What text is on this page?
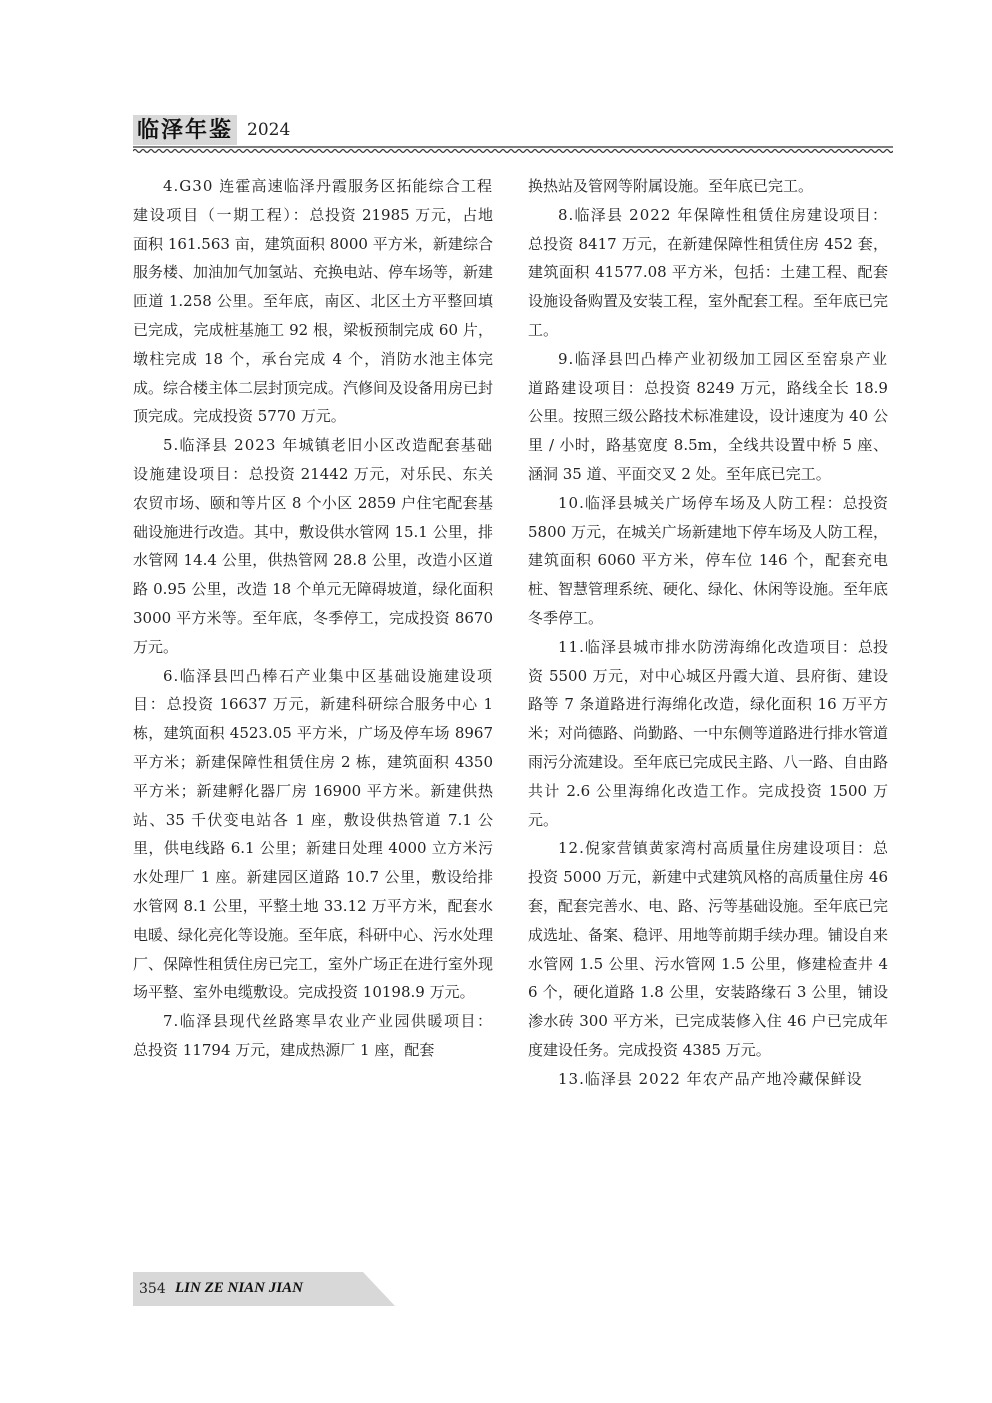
临泽年鉴 2024

4.G30 连霍高速临泽丹霞服务区拓能综合工程建设项目（一期工程）：总投资 21985 万元，占地面积 161.563 亩，建筑面积 8000 平方米，新建综合服务楼、加油加气加氢站、充换电站、停车场等，新建匝道 1.258 公里。至年底，南区、北区土方平整回填已完成，完成桩基施工 92 根，梁板预制完成 60 片，墩柱完成 18 个，承台完成 4 个，消防水池主体完成。综合楼主体二层封顶完成。汽修间及设备用房已封顶完成。完成投资 5770 万元。

5.临泽县 2023 年城镇老旧小区改造配套基础设施建设项目：总投资 21442 万元，对乐民、东关农贸市场、颐和等片区 8 个小区 2859 户住宅配套基础设施进行改造。其中，敷设供水管网 15.1 公里，排水管网 14.4 公里，供热管网 28.8 公里，改造小区道路 0.95 公里，改造 18 个单元无障碍坡道，绿化面积 3000 平方米等。至年底，冬季停工，完成投资 8670 万元。

6.临泽县凹凸棒石产业集中区基础设施建设项目：总投资 16637 万元，新建科研综合服务中心 1 栋，建筑面积 4523.05 平方米，广场及停车场 8967 平方米；新建保障性租赁住房 2 栋，建筑面积 4350 平方米；新建孵化器厂房 16900 平方米。新建供热站、35 千伏变电站各 1 座，敷设供热管道 7.1 公里，供电线路 6.1 公里；新建日处理 4000 立方米污水处理厂 1 座。新建园区道路 10.7 公里，敷设给排水管网 8.1 公里，平整土地 33.12 万平方米，配套水电暖、绿化亮化等设施。至年底，科研中心、污水处理厂、保障性租赁住房已完工，室外广场正在进行室外现场平整、室外电缆敷设。完成投资 10198.9 万元。

7.临泽县现代丝路寒旱农业产业园供暖项目：总投资 11794 万元，建成热源厂 1 座，配套

换热站及管网等附属设施。至年底已完工。

8.临泽县 2022 年保障性租赁住房建设项目：总投资 8417 万元，在新建保障性租赁住房 452 套，建筑面积 41577.08 平方米，包括：土建工程、配套设施设备购置及安装工程，室外配套工程。至年底已完工。

9.临泽县凹凸棒产业初级加工园区至窑泉产业道路建设项目：总投资 8249 万元，路线全长 18.9 公里。按照三级公路技术标准建设，设计速度为 40 公里 / 小时，路基宽度 8.5m，全线共设置中桥 5 座、涵洞 35 道、平面交叉 2 处。至年底已完工。

10.临泽县城关广场停车场及人防工程：总投资 5800 万元，在城关广场新建地下停车场及人防工程，建筑面积 6060 平方米，停车位 146 个，配套充电桩、智慧管理系统、硬化、绿化、休闲等设施。至年底冬季停工。

11.临泽县城市排水防涝海绵化改造项目：总投资 5500 万元，对中心城区丹霞大道、县府街、建设路等 7 条道路进行海绵化改造，绿化面积 16 万平方米；对尚德路、尚勤路、一中东侧等道路进行排水管道雨污分流建设。至年底已完成民主路、八一路、自由路共计 2.6 公里海绵化改造工作。完成投资 1500 万元。

12.倪家营镇黄家湾村高质量住房建设项目：总投资 5000 万元，新建中式建筑风格的高质量住房 46 套，配套完善水、电、路、污等基础设施。至年底已完成选址、备案、稳评、用地等前期手续办理。铺设自来水管网 1.5 公里、污水管网 1.5 公里，修建检查井 46 个，硬化道路 1.8 公里，安装路缘石 3 公里，铺设渗水砖 300 平方米，已完成装修入住 46 户已完成年度建设任务。完成投资 4385 万元。

13.临泽县 2022 年农产品产地冷藏保鲜设

354 LIN ZE NIAN JIAN
